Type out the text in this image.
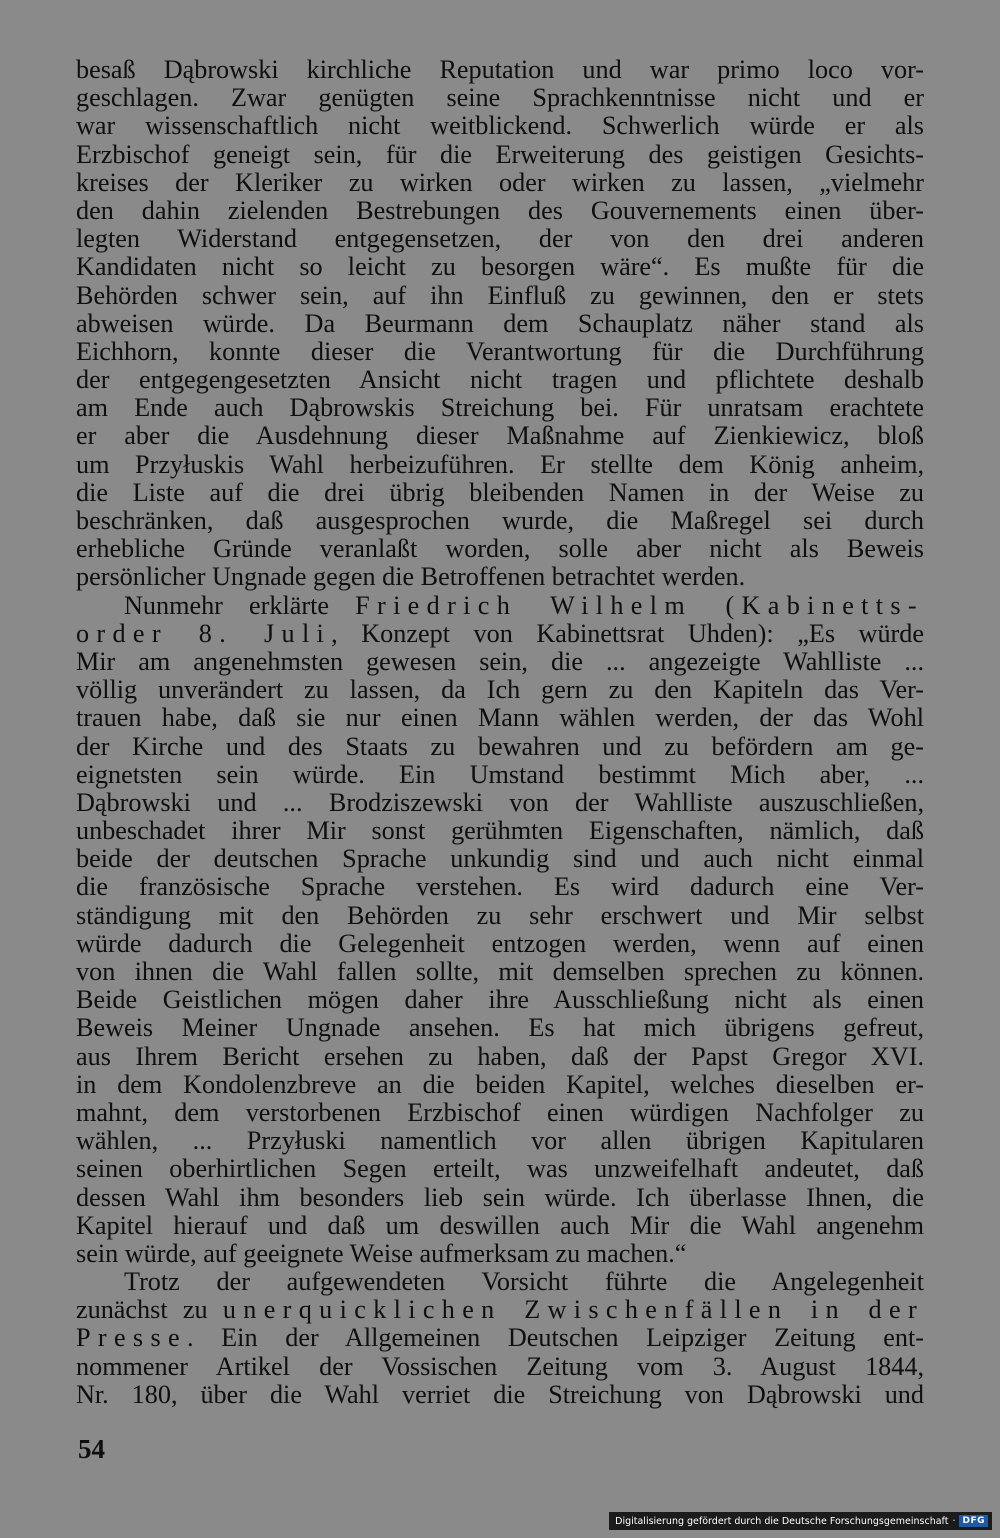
besaß Dąbrowski kirchliche Reputation und war primo loco vor-
geschlagen. Zwar genügten seine Sprachkenntnisse nicht und er
war wissenschaftlich nicht weitblickend. Schwerlich würde er als
Erzbischof geneigt sein, für die Erweiterung des geistigen Gesichts-
kreises der Kleriker zu wirken oder wirken zu lassen, „vielmehr
den dahin zielenden Bestrebungen des Gouvernements einen über-
legten Widerstand entgegensetzen, der von den drei anderen
Kandidaten nicht so leicht zu besorgen wäre“. Es mußte für die
Behörden schwer sein, auf ihn Einfluß zu gewinnen, den er stets
abweisen würde. Da Beurmann dem Schauplatz näher stand als
Eichhorn, konnte dieser die Verantwortung für die Durchführung
der entgegengesetzten Ansicht nicht tragen und pflichtete deshalb
am Ende auch Dąbrowskis Streichung bei. Für unratsam erachtete
er aber die Ausdehnung dieser Maßnahme auf Zienkiewicz, bloß
um Przyłuskis Wahl herbeizuführen. Er stellte dem König anheim,
die Liste auf die drei übrig bleibenden Namen in der Weise zu
beschränken, daß ausgesprochen wurde, die Maßregel sei durch
erhebliche Gründe veranlaßt worden, solle aber nicht als Beweis
persönlicher Ungnade gegen die Betroffenen betrachtet werden.
Nunmehr erklärte Friedrich Wilhelm (Kabinetts-
order 8. Juli, Konzept von Kabinettsrat Uhden): „Es würde
Mir am angenehmsten gewesen sein, die ... angezeigte Wahlliste ...
völlig unverändert zu lassen, da Ich gern zu den Kapiteln das Ver-
trauen habe, daß sie nur einen Mann wählen werden, der das Wohl
der Kirche und des Staats zu bewahren und zu befördern am ge-
eignetsten sein würde. Ein Umstand bestimmt Mich aber, ...
Dąbrowski und ... Brodziszewski von der Wahlliste auszuschließen,
unbeschadet ihrer Mir sonst gerühmten Eigenschaften, nämlich, daß
beide der deutschen Sprache unkundig sind und auch nicht einmal
die französische Sprache verstehen. Es wird dadurch eine Ver-
ständigung mit den Behörden zu sehr erschwert und Mir selbst
würde dadurch die Gelegenheit entzogen werden, wenn auf einen
von ihnen die Wahl fallen sollte, mit demselben sprechen zu können.
Beide Geistlichen mögen daher ihre Ausschließung nicht als einen
Beweis Meiner Ungnade ansehen. Es hat mich übrigens gefreut,
aus Ihrem Bericht ersehen zu haben, daß der Papst Gregor XVI.
in dem Kondolenzbreve an die beiden Kapitel, welches dieselben er-
mahnt, dem verstorbenen Erzbischof einen würdigen Nachfolger zu
wählen, ... Przyłuski namentlich vor allen übrigen Kapitularen
seinen oberhirtlichen Segen erteilt, was unzweifelhaft andeutet, daß
dessen Wahl ihm besonders lieb sein würde. Ich überlasse Ihnen, die
Kapitel hierauf und daß um deswillen auch Mir die Wahl angenehm
sein würde, auf geeignete Weise aufmerksam zu machen.“
Trotz der aufgewendeten Vorsicht führte die Angelegenheit
zunächst zu unerquicklichen Zwischenfällen in der
Presse. Ein der Allgemeinen Deutschen Leipziger Zeitung ent-
nommener Artikel der Vossischen Zeitung vom 3. August 1844,
Nr. 180, über die Wahl verriet die Streichung von Dąbrowski und
54
Digitalisierung gefördert durch die Deutsche Forschungsgemeinschaft · DFG
